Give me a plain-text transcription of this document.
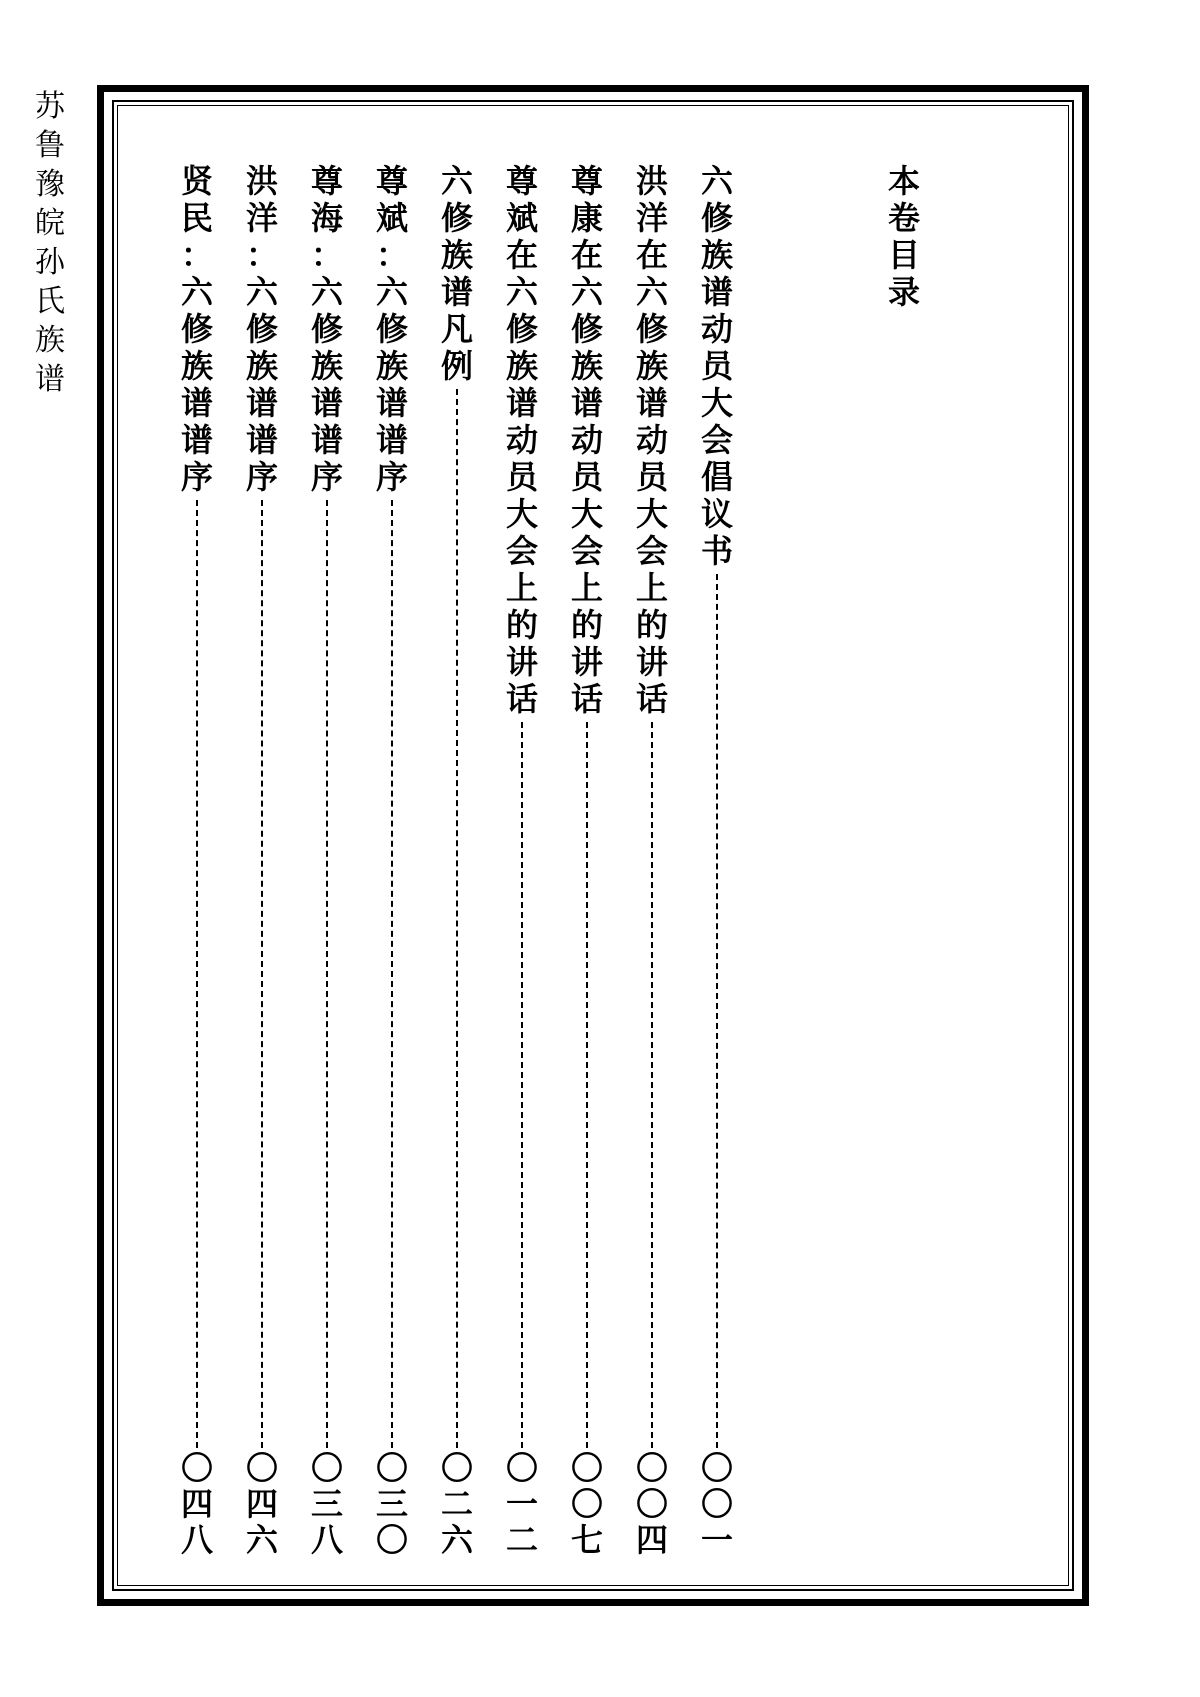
苏
鲁
豫
皖
孙
氏
族
谱
本
卷
目
录
六
修
族
谱
动
员
大
会
倡
议
书
〇
〇
一
洪
洋
在
六
修
族
谱
动
员
大
会
上
的
讲
话
〇
〇
四
尊
康
在
六
修
族
谱
动
员
大
会
上
的
讲
话
〇
〇
七
尊
斌
在
六
修
族
谱
动
员
大
会
上
的
讲
话
〇
一
二
六
修
族
谱
凡
例
〇
二
六
尊
斌
：
六
修
族
谱
谱
序
〇
三
〇
尊
海
：
六
修
族
谱
谱
序
〇
三
八
洪
洋
：
六
修
族
谱
谱
序
〇
四
六
贤
民
：
六
修
族
谱
谱
序
〇
四
八
